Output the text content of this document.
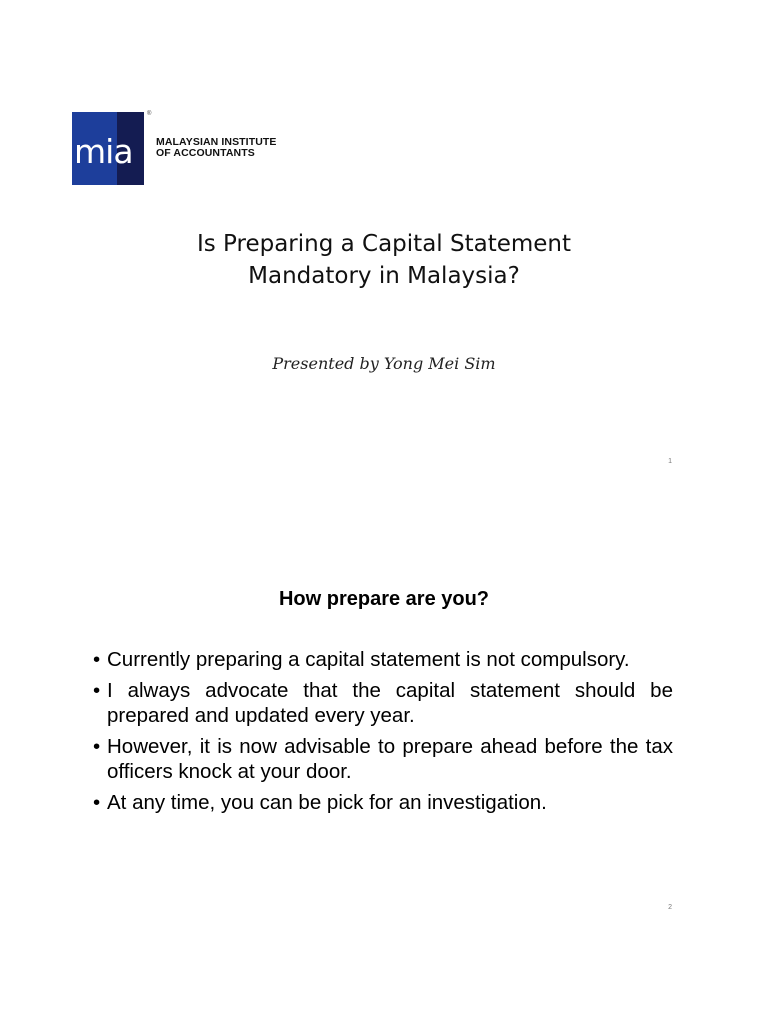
mia
®
MALAYSIAN INSTITUTE
OF ACCOUNTANTS
Is Preparing a Capital Statement
Mandatory in Malaysia?
Presented by Yong Mei Sim
1
How prepare are you?
• Currently preparing a capital statement is not compulsory.
• I always advocate that the capital statement should be prepared and updated every year.
• However, it is now advisable to prepare ahead before the tax officers knock at your door.
• At any time, you can be pick for an investigation.
2
